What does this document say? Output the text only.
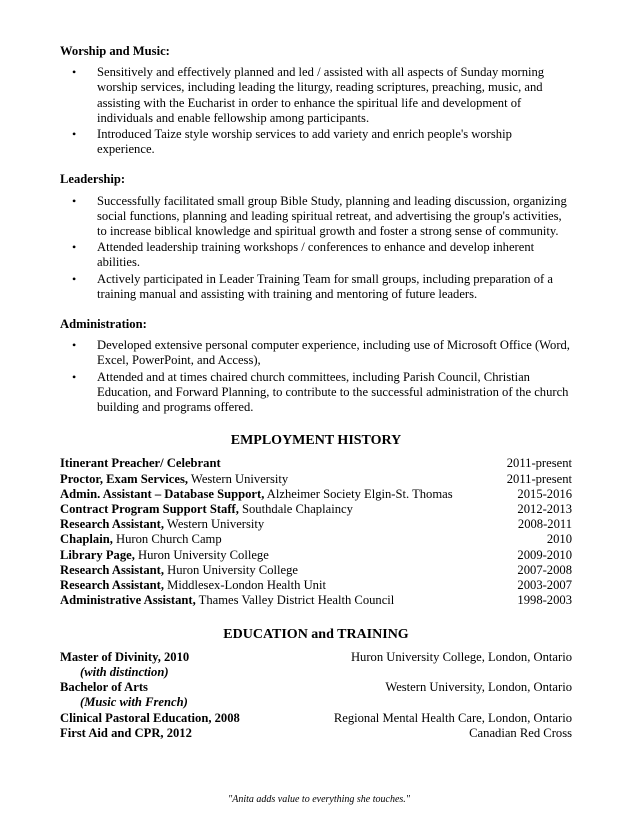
Worship and Music:
• Sensitively and effectively planned and led / assisted with all aspects of Sunday morning worship services, including leading the liturgy, reading scriptures, preaching, music, and assisting with the Eucharist in order to enhance the spiritual life and development of individuals and enable fellowship among participants.
• Introduced Taize style worship services to add variety and enrich people's worship experience.
Leadership:
• Successfully facilitated small group Bible Study, planning and leading discussion, organizing social functions, planning and leading spiritual retreat, and advertising the group's activities, to increase biblical knowledge and spiritual growth and foster a strong sense of community.
• Attended leadership training workshops / conferences to enhance and develop inherent abilities.
• Actively participated in Leader Training Team for small groups, including preparation of a training manual and assisting with training and mentoring of future leaders.
Administration:
• Developed extensive personal computer experience, including use of Microsoft Office (Word, Excel, PowerPoint, and Access),
• Attended and at times chaired church committees, including Parish Council, Christian Education, and Forward Planning, to contribute to the successful administration of the church building and programs offered.
EMPLOYMENT HISTORY
Itinerant Preacher/ Celebrant	2011-present
Proctor, Exam Services, Western University	2011-present
Admin. Assistant – Database Support, Alzheimer Society Elgin-St. Thomas	2015-2016
Contract Program Support Staff, Southdale Chaplaincy	2012-2013
Research Assistant, Western University	2008-2011
Chaplain, Huron Church Camp	2010
Library Page, Huron University College	2009-2010
Research Assistant, Huron University College	2007-2008
Research Assistant, Middlesex-London Health Unit	2003-2007
Administrative Assistant, Thames Valley District Health Council	1998-2003
EDUCATION and TRAINING
Master of Divinity, 2010	Huron University College, London, Ontario
(with distinction)
Bachelor of Arts	Western University, London, Ontario
(Music with French)
Clinical Pastoral Education, 2008	Regional Mental Health Care, London, Ontario
First Aid and CPR, 2012	Canadian Red Cross
"Anita adds value to everything she touches."
